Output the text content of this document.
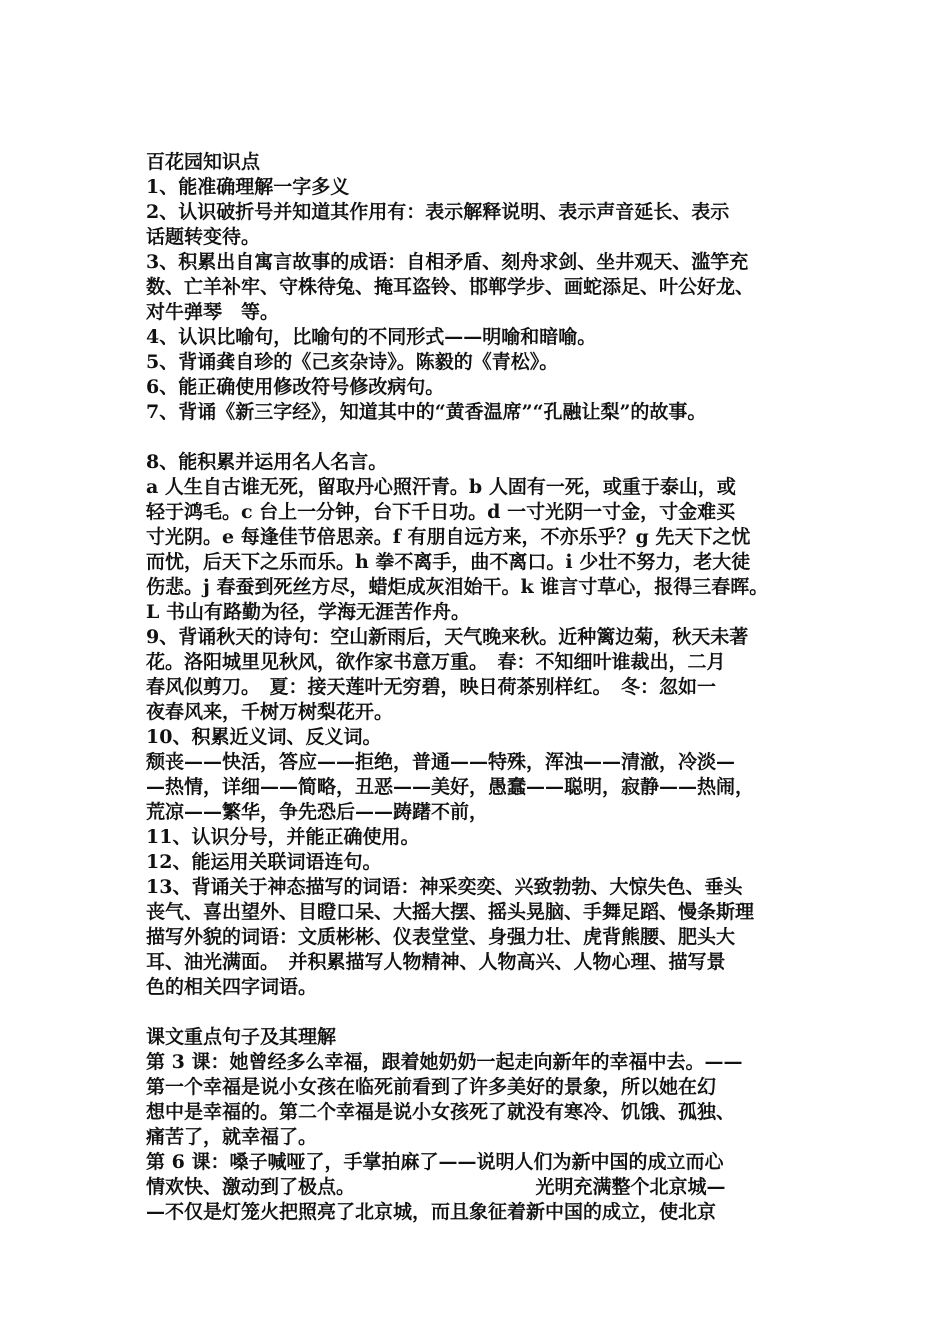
百花园知识点
1、能准确理解一字多义
2、认识破折号并知道其作用有：表示解释说明、表示声音延长、表示
话题转变待。
3、积累出自寓言故事的成语：自相矛盾、刻舟求剑、坐井观天、滥竽充
数、亡羊补牢、守株待兔、掩耳盗铃、邯郸学步、画蛇添足、叶公好龙、
对牛弹琴　等。
4、认识比喻句，比喻句的不同形式——明喻和暗喻。
5、背诵龚自珍的《己亥杂诗》。陈毅的《青松》。
6、能正确使用修改符号修改病句。
7、背诵《新三字经》，知道其中的“黄香温席”“孔融让梨”的故事。
8、能积累并运用名人名言。
a 人生自古谁无死，留取丹心照汗青。b 人固有一死，或重于泰山，或
轻于鸿毛。c 台上一分钟，台下千日功。d 一寸光阴一寸金，寸金难买
寸光阴。e 每逢佳节倍思亲。f 有朋自远方来，不亦乐乎？g 先天下之忧
而忧，后天下之乐而乐。h 拳不离手，曲不离口。i 少壮不努力，老大徒
伤悲。j 春蚕到死丝方尽，蜡炬成灰泪始干。k 谁言寸草心，报得三春晖。
L 书山有路勤为径，学海无涯苦作舟。
9、背诵秋天的诗句：空山新雨后，天气晚来秋。近种篱边菊，秋天未著
花。洛阳城里见秋风，欲作家书意万重。　春：不知细叶谁裁出，二月
春风似剪刀。　夏：接天莲叶无穷碧，映日荷茶别样红。　冬：忽如一
夜春风来，千树万树梨花开。
10、积累近义词、反义词。
颓丧——快活，答应——拒绝，普通——特殊，浑浊——清澈，冷淡—
—热情，详细——简略，丑恶——美好，愚蠢——聪明，寂静——热闹，
荒凉——繁华，争先恐后——踌躇不前，
11、认识分号，并能正确使用。
12、能运用关联词语连句。
13、背诵关于神态描写的词语：神采奕奕、兴致勃勃、大惊失色、垂头
丧气、喜出望外、目瞪口呆、大摇大摆、摇头晃脑、手舞足蹈、慢条斯理
描写外貌的词语：文质彬彬、仪表堂堂、身强力壮、虎背熊腰、肥头大
耳、油光满面。　并积累描写人物精神、人物高兴、人物心理、描写景
色的相关四字词语。
课文重点句子及其理解
第 3 课：她曾经多么幸福，跟着她奶奶一起走向新年的幸福中去。——
第一个幸福是说小女孩在临死前看到了许多美好的景象，所以她在幻
想中是幸福的。第二个幸福是说小女孩死了就没有寒冷、饥饿、孤独、
痛苦了，就幸福了。
第 6 课：嗓子喊哑了，手掌拍麻了——说明人们为新中国的成立而心
情欢快、激动到了极点。　　　　　　　　　　光明充满整个北京城—
—不仅是灯笼火把照亮了北京城，而且象征着新中国的成立，使北京
